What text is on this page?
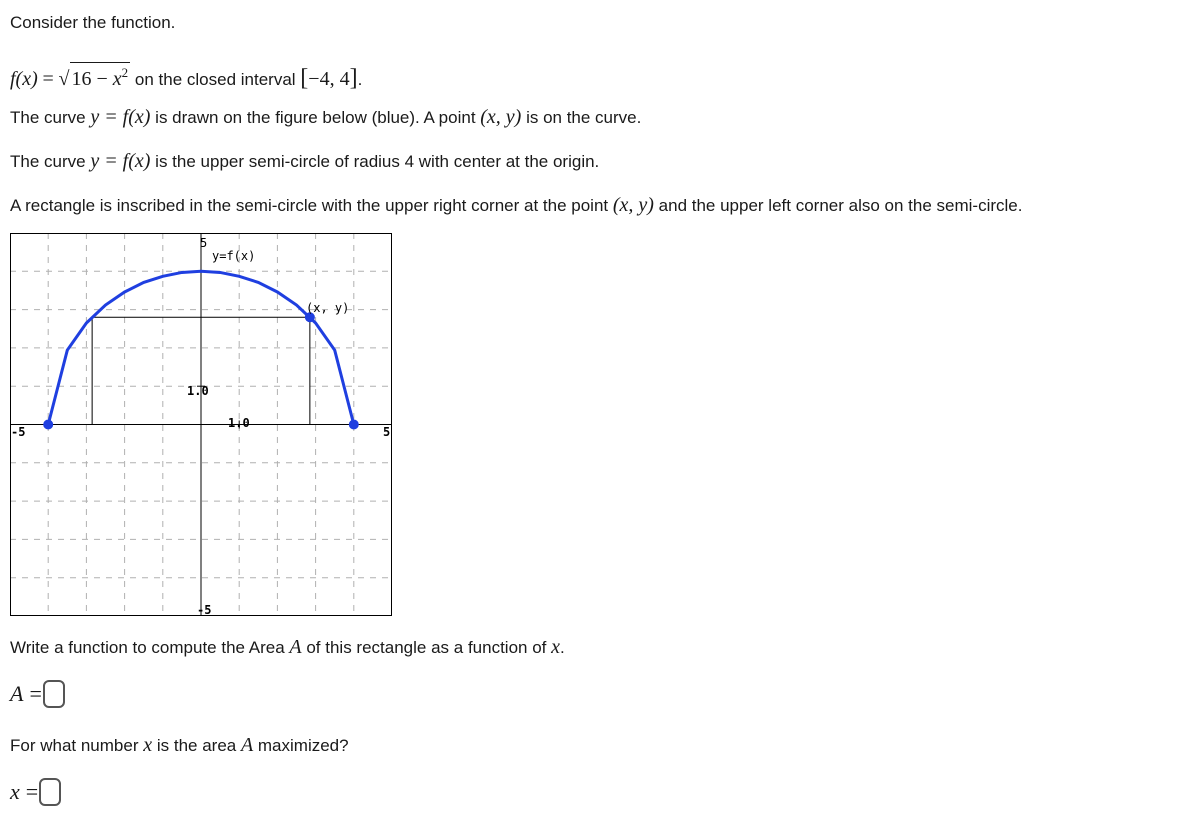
Consider the function.
f(x) = √ $16 - x^2$ on the closed interval [−4, 4].
The curve y = f(x) is drawn on the figure below (blue). A point (x, y) is on the curve.
The curve y = f(x) is the upper semi-circle of radius 4 with center at the origin.
A rectangle is inscribed in the semi-circle with the upper right corner at the point (x, y) and the upper left corner also on the semi-circle.
5
-5
-5	5
1.0
1.0
y=f(x)
(x, y)
Write a function to compute the Area A of this rectangle as a function of x.
A =
For what number x is the area A maximized?
x =
